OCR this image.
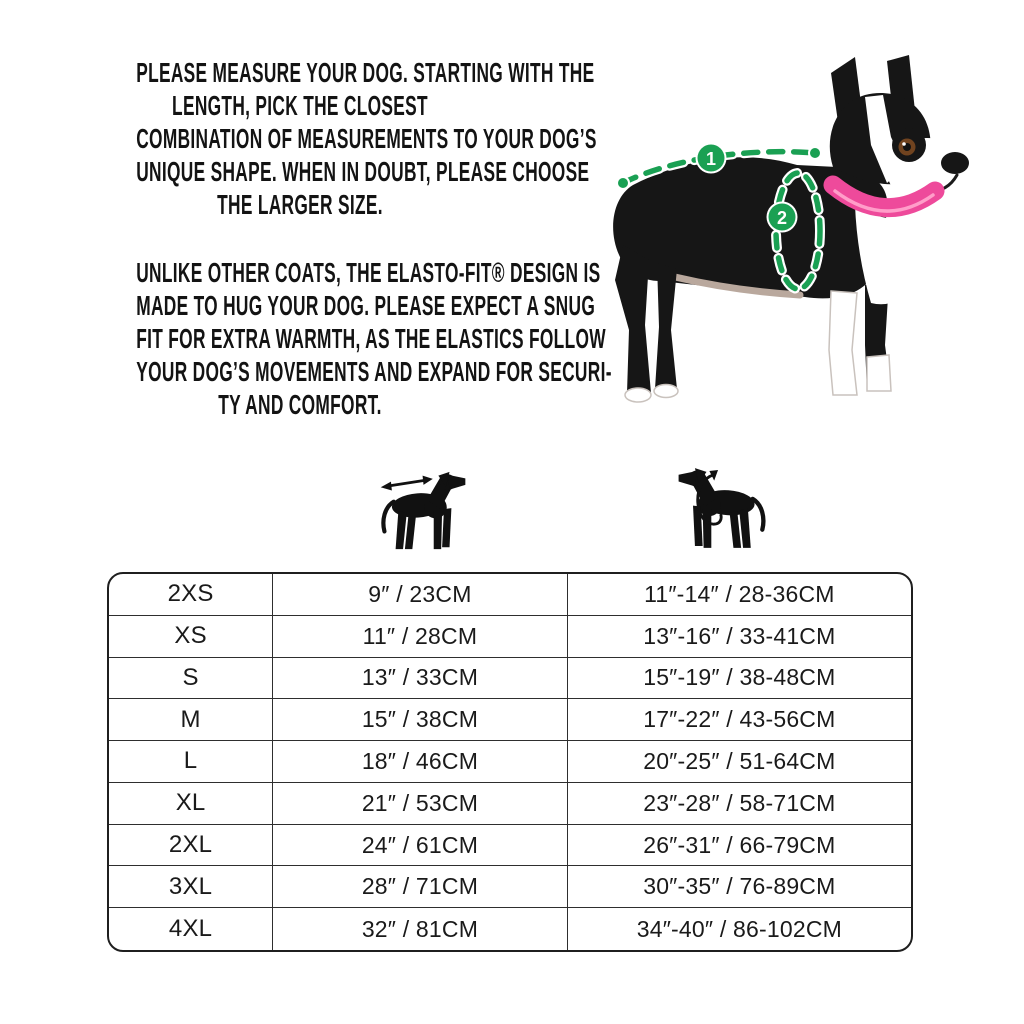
PLEASE MEASURE YOUR DOG. STARTING WITH THE
LENGTH, PICK THE CLOSEST
COMBINATION OF MEASUREMENTS TO YOUR DOG’S
UNIQUE SHAPE. WHEN IN DOUBT, PLEASE CHOOSE
THE LARGER SIZE.
UNLIKE OTHER COATS, THE ELASTO-FIT® DESIGN IS
MADE TO HUG YOUR DOG. PLEASE EXPECT A SNUG
FIT FOR EXTRA WARMTH, AS THE ELASTICS FOLLOW
YOUR DOG’S MOVEMENTS AND EXPAND FOR SECURI-
TY AND COMFORT.
1
2
2XS	9″ / 23CM	11″-14″ / 28-36CM
XS	11″ / 28CM	13″-16″ / 33-41CM
S	13″ / 33CM	15″-19″ / 38-48CM
M	15″ / 38CM	17″-22″ / 43-56CM
L	18″ / 46CM	20″-25″ / 51-64CM
XL	21″ / 53CM	23″-28″ / 58-71CM
2XL	24″ / 61CM	26″-31″ / 66-79CM
3XL	28″ / 71CM	30″-35″ / 76-89CM
4XL	32″ / 81CM	34″-40″ / 86-102CM
